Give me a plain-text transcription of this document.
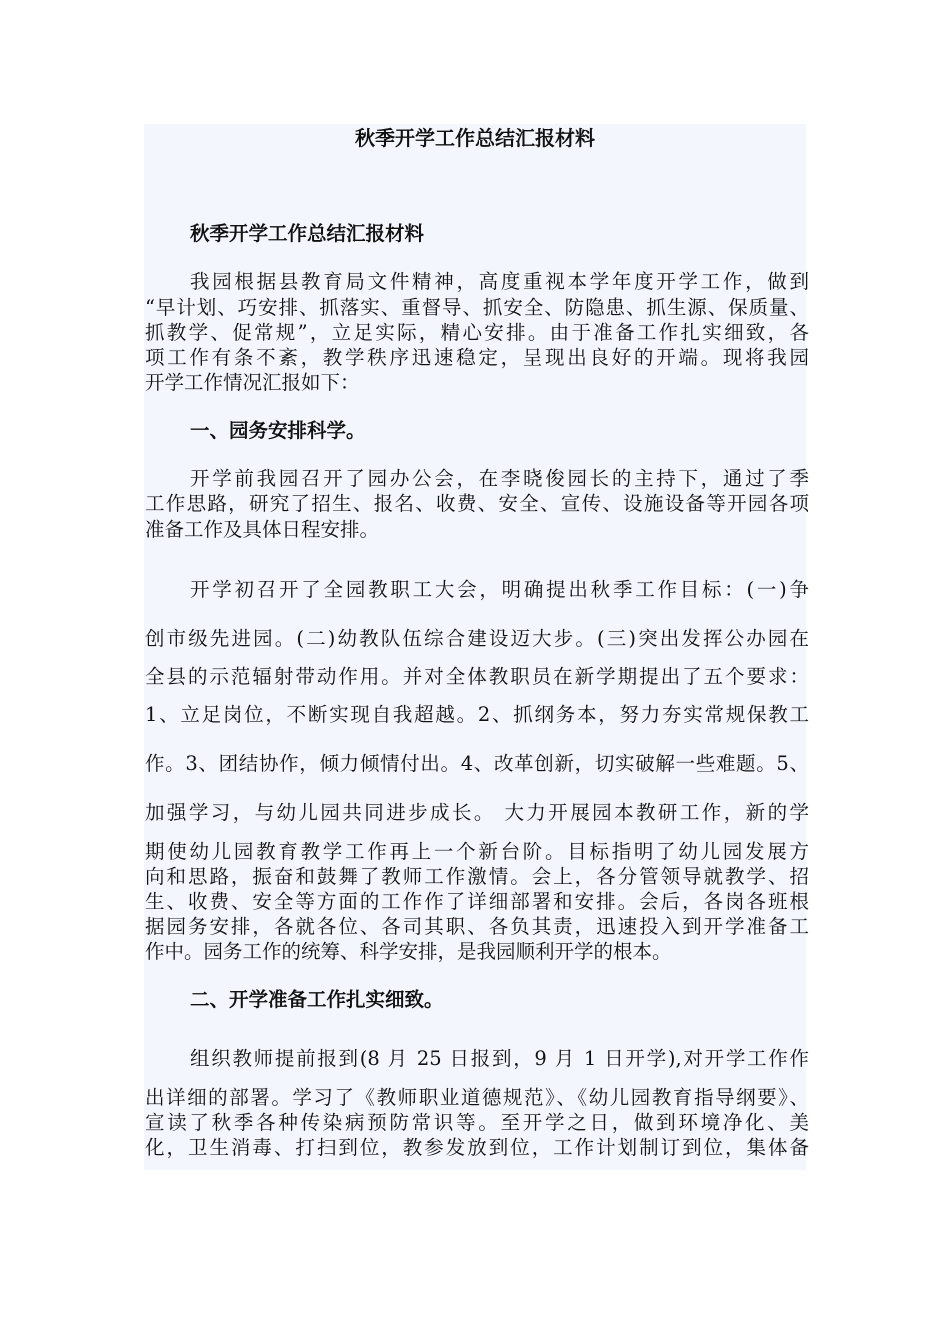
秋季开学工作总结汇报材料
秋季开学工作总结汇报材料
我园根据县教育局文件精神，高度重视本学年度开学工作，做到
“早计划、巧安排、抓落实、重督导、抓安全、防隐患、抓生源、保质量、
抓教学、促常规”，立足实际，精心安排。由于准备工作扎实细致，各
项工作有条不紊，教学秩序迅速稳定，呈现出良好的开端。现将我园
开学工作情况汇报如下：
一、园务安排科学。
开学前我园召开了园办公会，在李晓俊园长的主持下，通过了季
工作思路，研究了招生、报名、收费、安全、宣传、设施设备等开园各项
准备工作及具体日程安排。
开学初召开了全园教职工大会，明确提出秋季工作目标：(一)争
创市级先进园。(二)幼教队伍综合建设迈大步。(三)突出发挥公办园在
全县的示范辐射带动作用。并对全体教职员在新学期提出了五个要求：
1、立足岗位，不断实现自我超越。2、抓纲务本，努力夯实常规保教工
作。3、团结协作，倾力倾情付出。4、改革创新，切实破解一些难题。5、
加强学习，与幼儿园共同进步成长。 大力开展园本教研工作，新的学
期使幼儿园教育教学工作再上一个新台阶。目标指明了幼儿园发展方
向和思路，振奋和鼓舞了教师工作激情。会上，各分管领导就教学、招
生、收费、安全等方面的工作作了详细部署和安排。会后，各岗各班根
据园务安排，各就各位、各司其职、各负其责，迅速投入到开学准备工
作中。园务工作的统筹、科学安排，是我园顺利开学的根本。
二、开学准备工作扎实细致。
组织教师提前报到(8 月 25 日报到，9 月 1 日开学),对开学工作作
出详细的部署。学习了《教师职业道德规范》、《幼儿园教育指导纲要》、
宣读了秋季各种传染病预防常识等。至开学之日，做到环境净化、美
化，卫生消毒、打扫到位，教参发放到位，工作计划制订到位，集体备
